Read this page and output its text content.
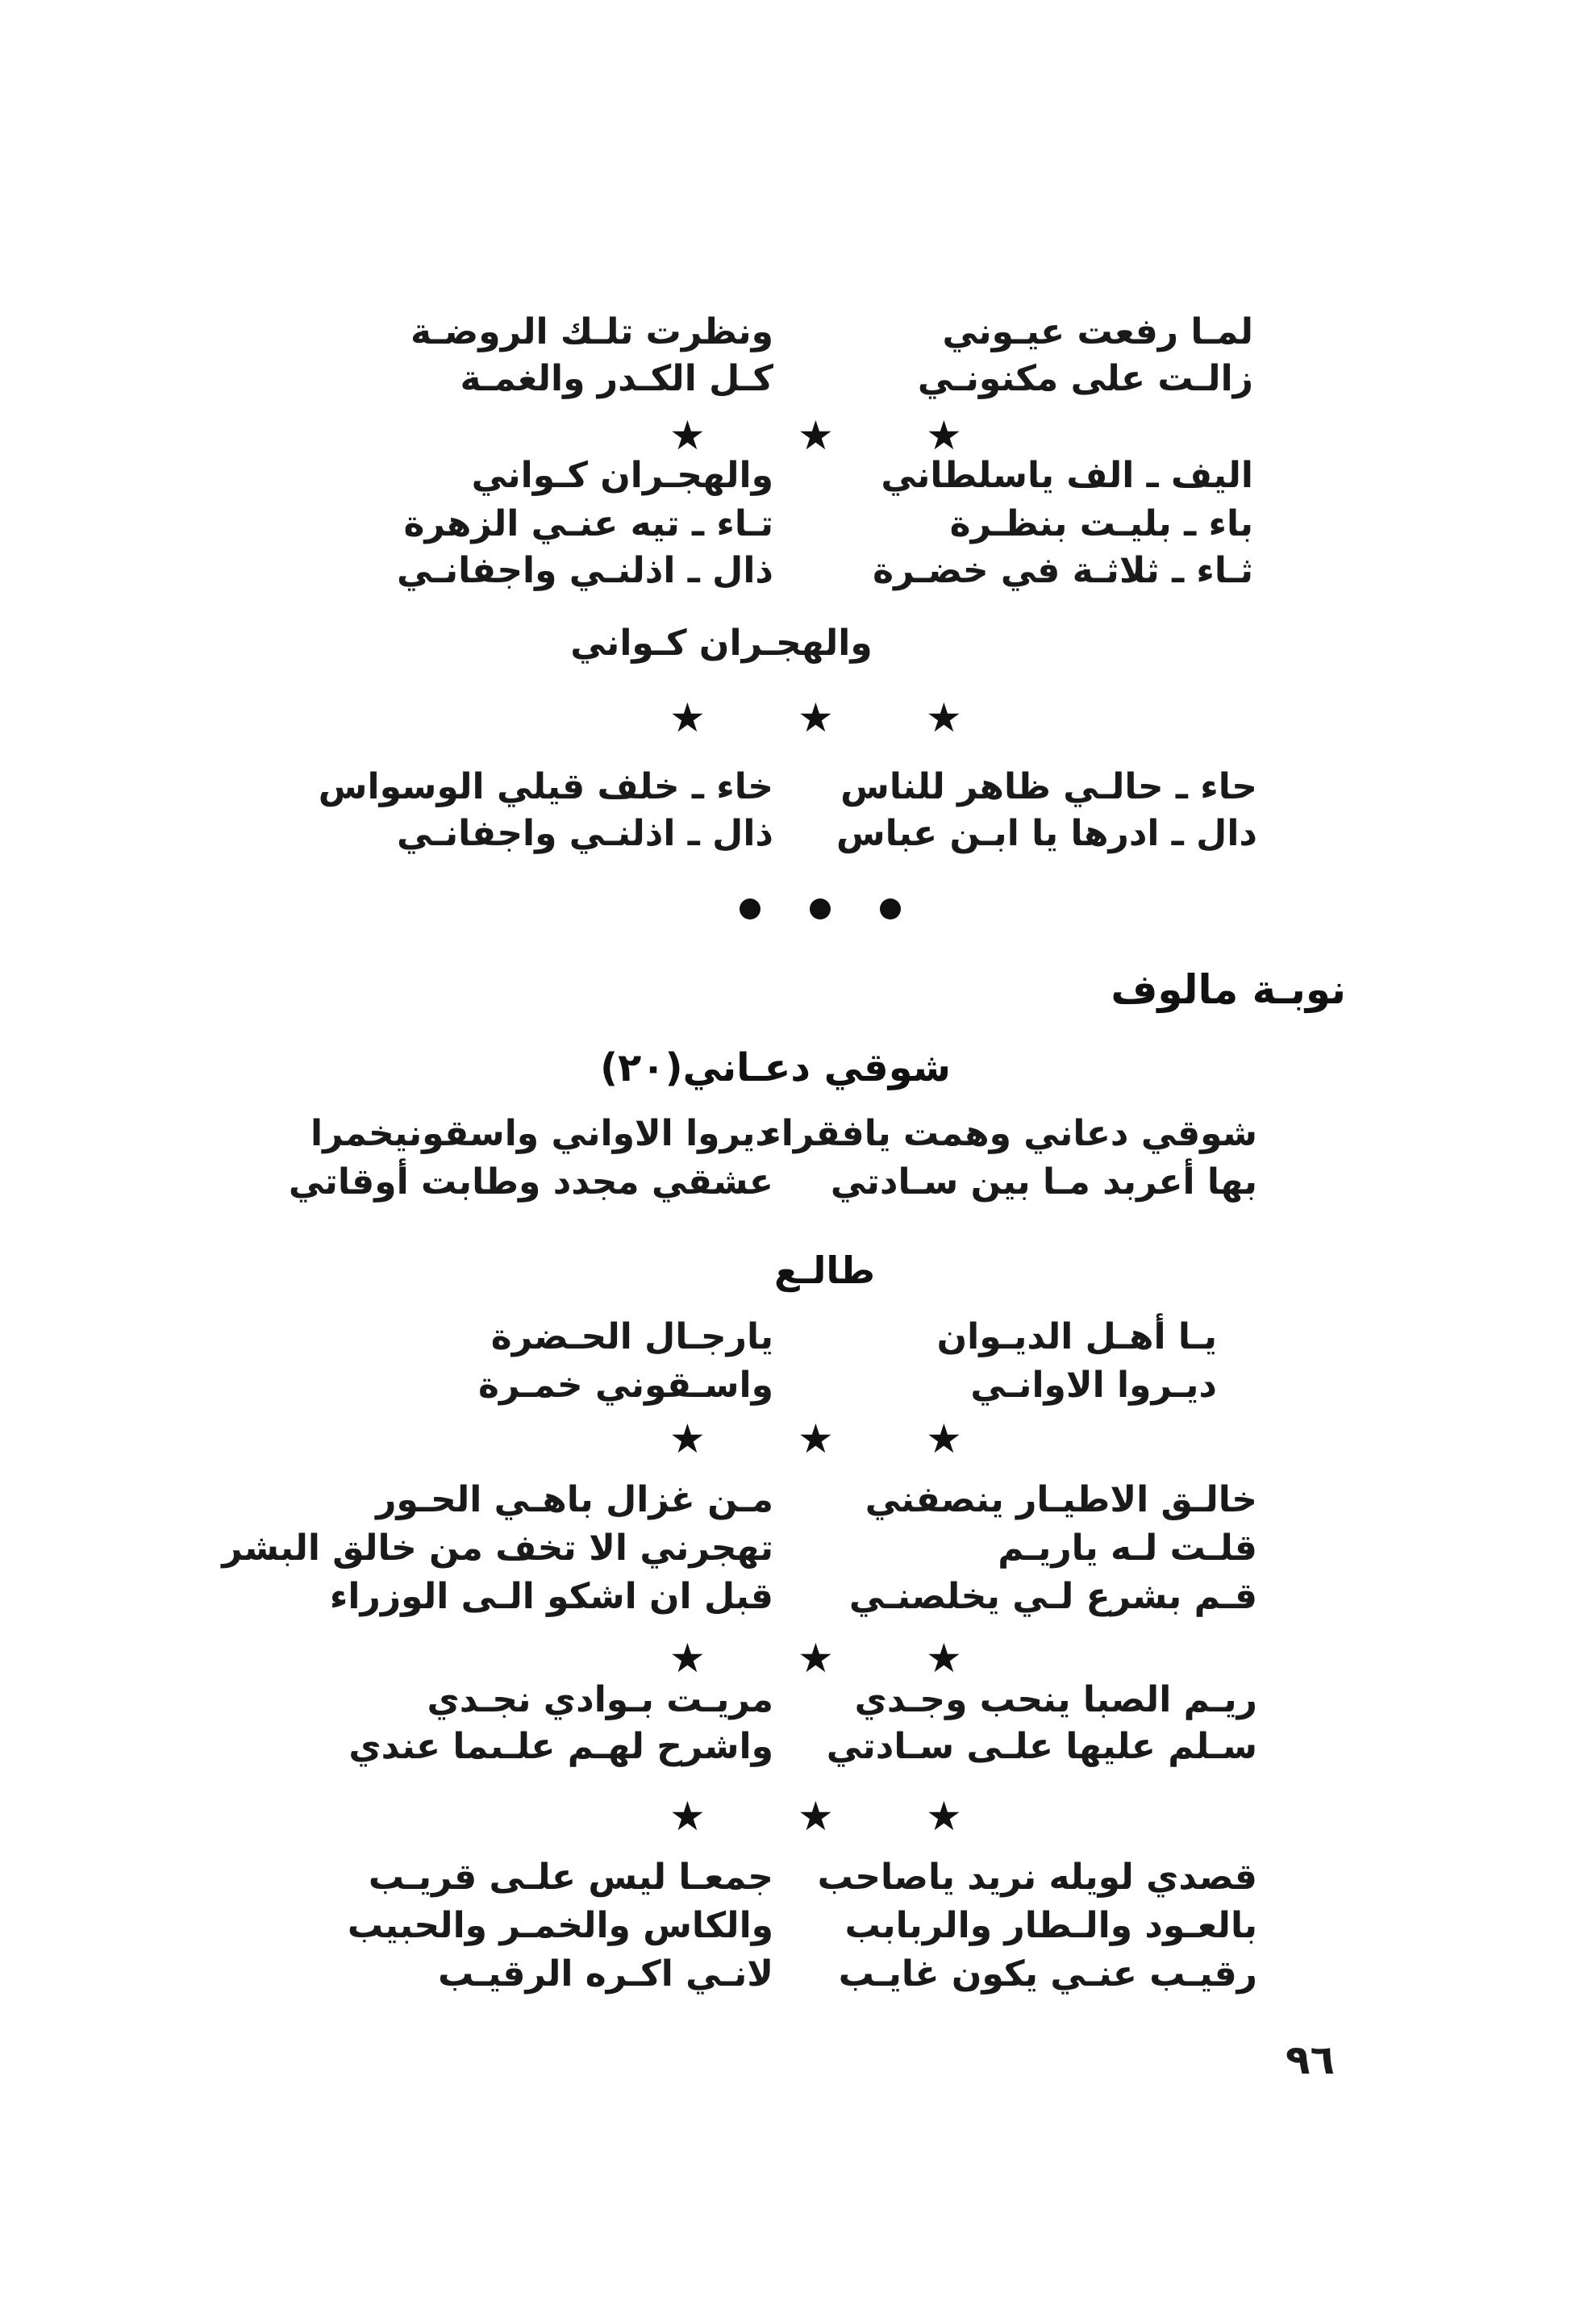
لمـا رفعت عيـوني
ونظرت تلـك الروضـة
زالـت على مكنونـي
كـل الكـدر والغمـة
★ ★ ★
اليف ـ الف ياسلطاني
والهجـران كـواني
باء ـ بليـت بنظـرة
تـاء ـ تيه عنـي الزهرة
ثـاء ـ ثلاثـة في خضـرة
ذال ـ اذلنـي واجفانـي
والهجـران كـواني
★ ★ ★
حاء ـ حالـي ظاهر للناس
خاء ـ خلف قيلي الوسواس
دال ـ ادرها يا ابـن عباس
ذال ـ اذلنـي واجفانـي
نوبـة مالوف
شوقي دعـاني(٢٠)
شوقي دعاني وهمت يافقراء
ديروا الاواني واسقونيخمرا
بها أعربد مـا بين سـادتي
عشقي مجدد وطابت أوقاتي
طالـع
يـا أهـل الديـوان
يارجـال الحـضرة
ديـروا الاوانـي
واسـقوني خمـرة
★ ★ ★
خالـق الاطيـار ينصفني
مـن غزال باهـي الحـور
قلـت لـه ياريـم
تهجرني الا تخف من خالق البشر
قـم بشرع لـي يخلصنـي
قبل ان اشكو الـى الوزراء
★ ★ ★
ريـم الصبا ينحب وجـدي
مريـت بـوادي نجـدي
سـلم عليها علـى سـادتي
واشرح لهـم علـىما عندي
★ ★ ★
قصدي لويله نريد ياصاحب
جمعـا ليس علـى قريـب
بالعـود والـطار والربابب
والكاس والخمـر والحبيب
رقيـب عنـي يكون غايـب
لانـي اكـره الرقيـب
٩٦
